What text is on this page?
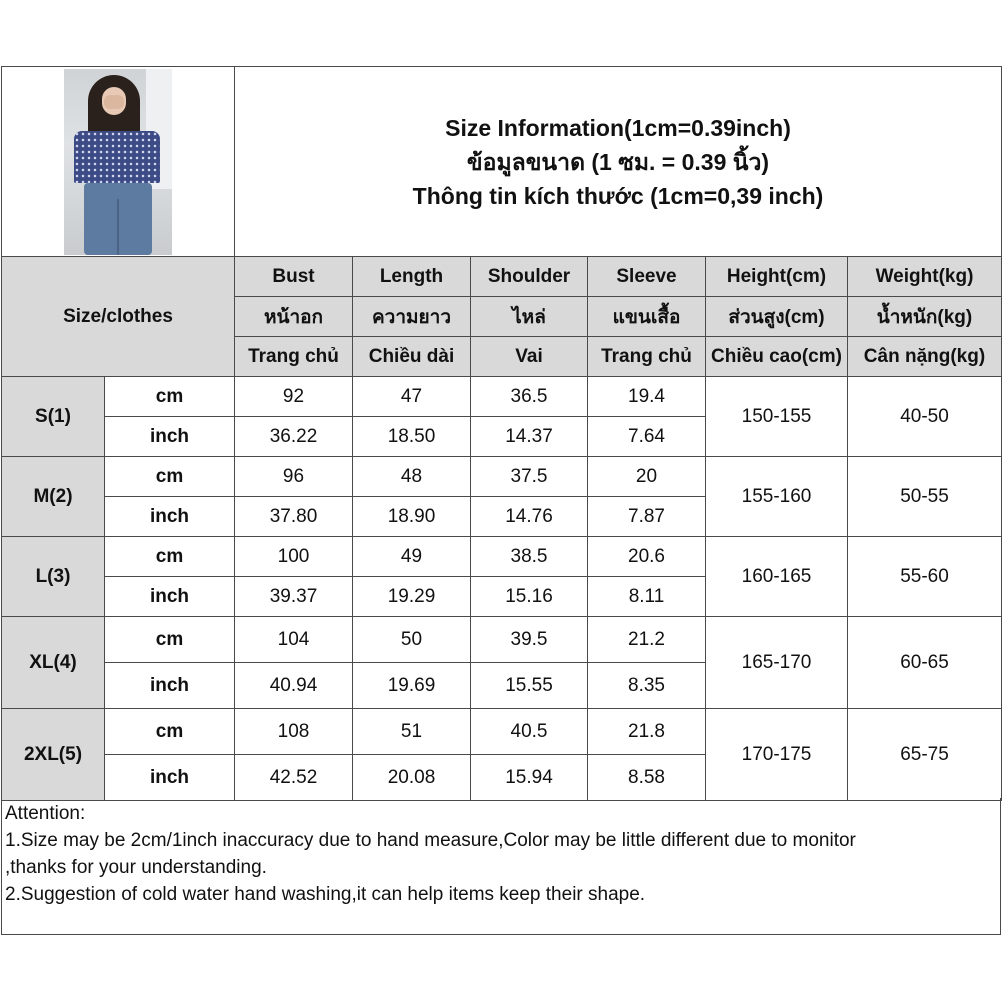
		Size Information(1cm=0.39inch)
ข้อมูลขนาด (1 ซม. = 0.39 นิ้ว)
Thông tin kích thước (1cm=0,39 inch)					

Size/clothes		Bust	Length	Shoulder	Sleeve	Height(cm)	Weight(kg)
		หน้าอก	ความยาว	ไหล่	แขนเสื้อ	ส่วนสูง(cm)	น้ำหนัก(kg)
		Trang chủ	Chiều dài	Vai	Trang chủ	Chiều cao(cm)	Cân nặng(kg)
S(1)	cm	92	47	36.5	19.4	150-155	40-50
	inch	36.22	18.50	14.37	7.64		
M(2)	cm	96	48	37.5	20	155-160	50-55
	inch	37.80	18.90	14.76	7.87		
L(3)	cm	100	49	38.5	20.6	160-165	55-60
	inch	39.37	19.29	15.16	8.11		
XL(4)	cm	104	50	39.5	21.2	165-170	60-65
	inch	40.94	19.69	15.55	8.35		
2XL(5)	cm	108	51	40.5	21.8	170-175	65-75
	inch	42.52	20.08	15.94	8.58		
Attention:
1.Size may be 2cm/1inch inaccuracy due to hand measure,Color may be little different due to monitor
,thanks for your understanding.
2.Suggestion of cold water hand washing,it can help items keep their shape.
